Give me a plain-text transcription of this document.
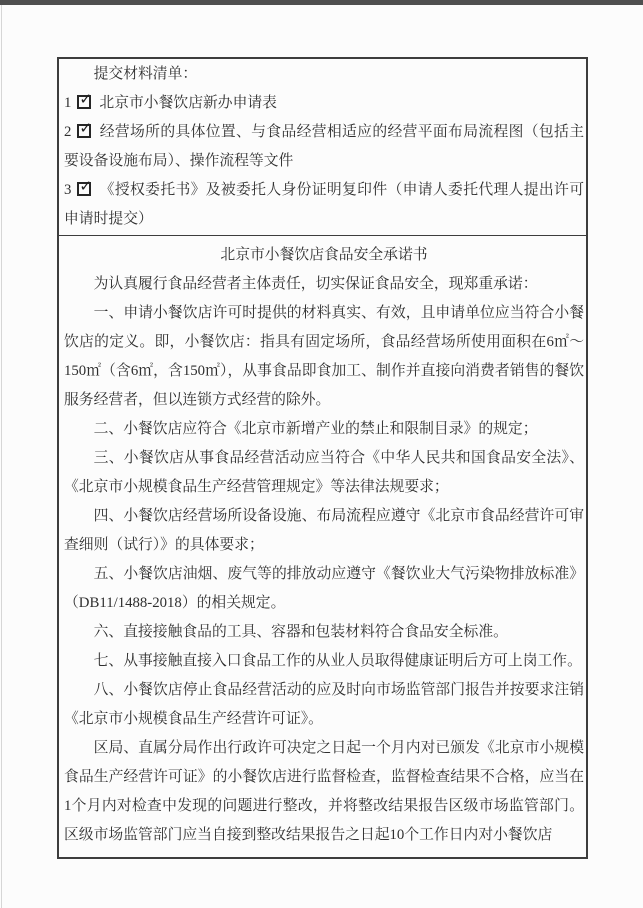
提交材料清单：
1 ✓ 北京市小餐饮店新办申请表
2 ✓ 经营场所的具体位置、与食品经营相适应的经营平面布局流程图（包括主要设备设施布局）、操作流程等文件
3 ✓ 《授权委托书》及被委托人身份证明复印件（申请人委托代理人提出许可申请时提交）
北京市小餐饮店食品安全承诺书
为认真履行食品经营者主体责任，切实保证食品安全，现郑重承诺：
一、申请小餐饮店许可时提供的材料真实、有效，且申请单位应当符合小餐饮店的定义。即，小餐饮店：指具有固定场所，食品经营场所使用面积在6㎡～150㎡（含6㎡，含150㎡），从事食品即食加工、制作并直接向消费者销售的餐饮服务经营者，但以连锁方式经营的除外。
二、小餐饮店应符合《北京市新增产业的禁止和限制目录》的规定；
三、小餐饮店从事食品经营活动应当符合《中华人民共和国食品安全法》、《北京市小规模食品生产经营管理规定》等法律法规要求；
四、小餐饮店经营场所设备设施、布局流程应遵守《北京市食品经营许可审查细则（试行）》的具体要求；
五、小餐饮店油烟、废气等的排放动应遵守《餐饮业大气污染物排放标准》（DB11/1488-2018）的相关规定。
六、直接接触食品的工具、容器和包装材料符合食品安全标准。
七、从事接触直接入口食品工作的从业人员取得健康证明后方可上岗工作。
八、小餐饮店停止食品经营活动的应及时向市场监管部门报告并按要求注销《北京市小规模食品生产经营许可证》。
区局、直属分局作出行政许可决定之日起一个月内对已颁发《北京市小规模食品生产经营许可证》的小餐饮店进行监督检查，监督检查结果不合格，应当在1个月内对检查中发现的问题进行整改，并将整改结果报告区级市场监管部门。区级市场监管部门应当自接到整改结果报告之日起10个工作日内对小餐饮店
